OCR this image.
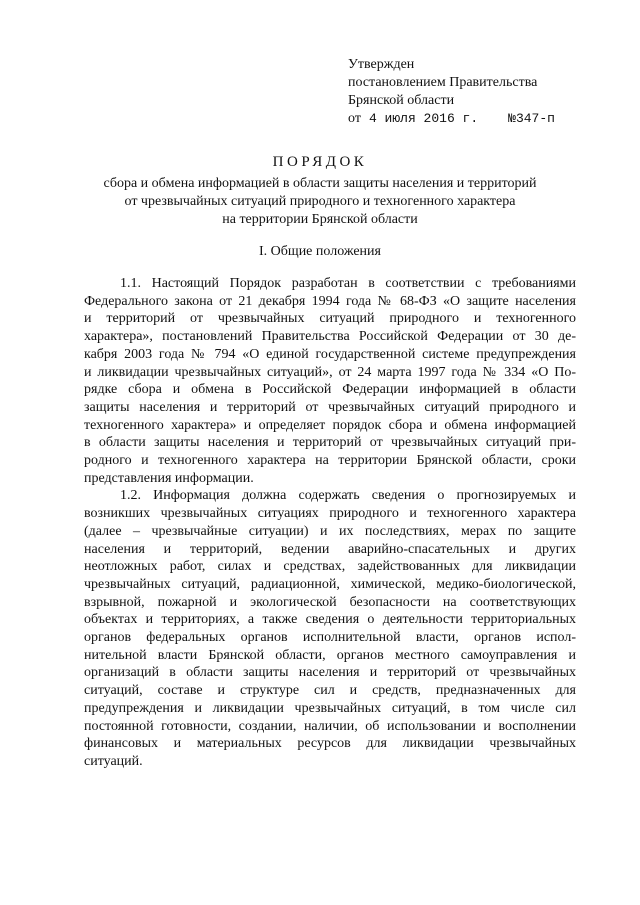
Утвержден
постановлением Правительства
Брянской области
от 4 июля 2016 г. №347-п
ПОРЯДОК
сбора и обмена информацией в области защиты населения и территорий
от чрезвычайных ситуаций природного и техногенного характера
на территории Брянской области
I. Общие положения

1.1. Настоящий Порядок разработан в соответствии с требованиями
Федерального закона от 21 декабря 1994 года № 68-ФЗ «О защите населения
и территорий от чрезвычайных ситуаций природного и техногенного
характера», постановлений Правительства Российской Федерации от 30 де-
кабря 2003 года № 794 «О единой государственной системе предупреждения
и ликвидации чрезвычайных ситуаций», от 24 марта 1997 года № 334 «О По-
рядке сбора и обмена в Российской Федерации информацией в области
защиты населения и территорий от чрезвычайных ситуаций природного и
техногенного характера» и определяет порядок сбора и обмена информацией
в области защиты населения и территорий от чрезвычайных ситуаций при-
родного и техногенного характера на территории Брянской области, сроки
представления информации.

1.2. Информация должна содержать сведения о прогнозируемых и
возникших чрезвычайных ситуациях природного и техногенного характера
(далее – чрезвычайные ситуации) и их последствиях, мерах по защите
населения и территорий, ведении аварийно-спасательных и других
неотложных работ, силах и средствах, задействованных для ликвидации
чрезвычайных ситуаций, радиационной, химической, медико-биологической,
взрывной, пожарной и экологической безопасности на соответствующих
объектах и территориях, а также сведения о деятельности территориальных
органов федеральных органов исполнительной власти, органов испол-
нительной власти Брянской области, органов местного самоуправления и
организаций в области защиты населения и территорий от чрезвычайных
ситуаций, составе и структуре сил и средств, предназначенных для
предупреждения и ликвидации чрезвычайных ситуаций, в том числе сил
постоянной готовности, создании, наличии, об использовании и восполнении
финансовых и материальных ресурсов для ликвидации чрезвычайных
ситуаций.
